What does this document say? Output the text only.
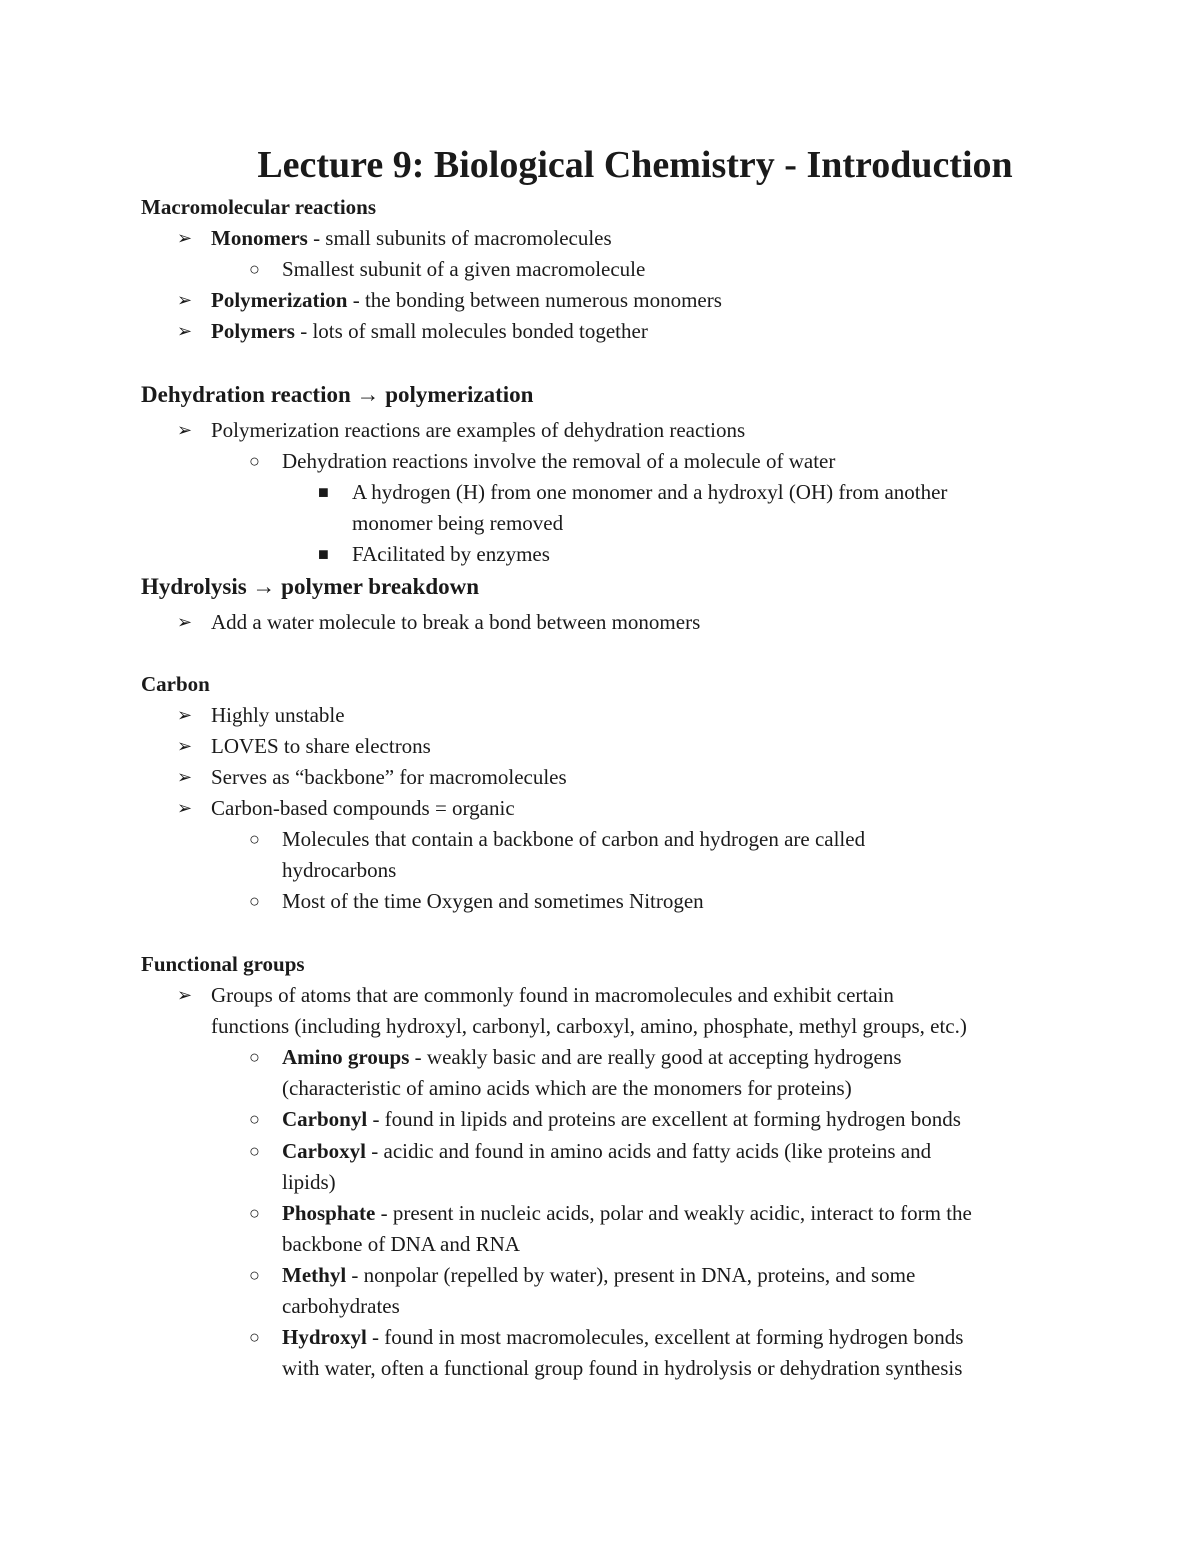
Lecture 9: Biological Chemistry - Introduction
Macromolecular reactions
➢ Monomers - small subunits of macromolecules
○ Smallest subunit of a given macromolecule
➢ Polymerization - the bonding between numerous monomers
➢ Polymers - lots of small molecules bonded together
Dehydration reaction → polymerization
➢ Polymerization reactions are examples of dehydration reactions
○ Dehydration reactions involve the removal of a molecule of water
■ A hydrogen (H) from one monomer and a hydroxyl (OH) from another
monomer being removed
■ FAcilitated by enzymes
Hydrolysis → polymer breakdown
➢ Add a water molecule to break a bond between monomers
Carbon
➢ Highly unstable
➢ LOVES to share electrons
➢ Serves as “backbone” for macromolecules
➢ Carbon-based compounds = organic
○ Molecules that contain a backbone of carbon and hydrogen are called
hydrocarbons
○ Most of the time Oxygen and sometimes Nitrogen
Functional groups
➢ Groups of atoms that are commonly found in macromolecules and exhibit certain
functions (including hydroxyl, carbonyl, carboxyl, amino, phosphate, methyl groups, etc.)
○ Amino groups - weakly basic and are really good at accepting hydrogens
(characteristic of amino acids which are the monomers for proteins)
○ Carbonyl - found in lipids and proteins are excellent at forming hydrogen bonds
○ Carboxyl - acidic and found in amino acids and fatty acids (like proteins and
lipids)
○ Phosphate - present in nucleic acids, polar and weakly acidic, interact to form the
backbone of DNA and RNA
○ Methyl - nonpolar (repelled by water), present in DNA, proteins, and some
carbohydrates
○ Hydroxyl - found in most macromolecules, excellent at forming hydrogen bonds
with water, often a functional group found in hydrolysis or dehydration synthesis
